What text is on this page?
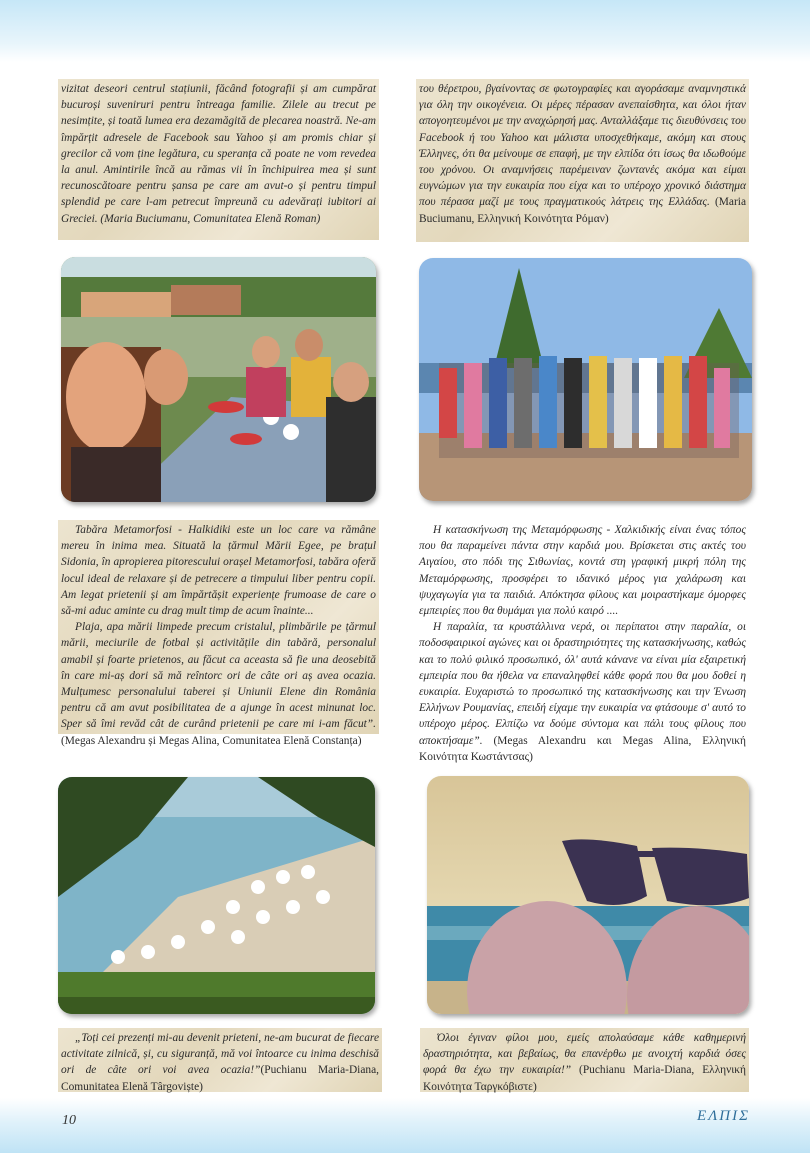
vizitat deseori centrul stațiunii, făcând fotografii și am cumpărat bucuroși suveniruri pentru întreaga familie. Zilele au trecut pe nesimțite, și toată lumea era dezamăgită de plecarea noastră. Ne-am împărțit adresele de Facebook sau Yahoo și am promis chiar și grecilor că vom ține legătura, cu speranța că poate ne vom revedea la anul. Amintirile încă au rămas vii în închipuirea mea și sunt recunoscătoare pentru șansa pe care am avut-o și pentru timpul splendid pe care l-am petrecut împreună cu adevărați iubitori ai Greciei. (Maria Buciumanu, Comunitatea Elenă Roman)

του θέρετρου, βγαίνοντας σε φωτογραφίες και αγοράσαμε αναμνηστικά για όλη την οικογένεια. Οι μέρες πέρασαν ανεπαίσθητα, και όλοι ήταν απογοητευμένοι με την αναχώρησή μας. Ανταλλάξαμε τις διευθύνσεις του Facebook ή του Yahoo και μάλιστα υποσχεθήκαμε, ακόμη και στους Έλληνες, ότι θα μείνουμε σε επαφή, με την ελπίδα ότι ίσως θα ιδωθούμε του χρόνου. Οι αναμνήσεις παρέμειναν ζωντανές ακόμα και είμαι ευγνώμων για την ευκαιρία που είχα και το υπέροχο χρονικό διάστημα που πέρασα μαζί με τους πραγματικούς λάτρεις της Ελλάδας. (Maria Buciumanu, Ελληνική Κοινότητα Ρόμαν)

Tabăra Metamorfosi - Halkidiki este un loc care va rămâne mereu în inima mea. Situată la țărmul Mării Egee, pe brațul Sidonia, în apropierea pitorescului orașel Metamorfosi, tabăra oferă locul ideal de relaxare și de petrecere a timpului liber pentru copii. Am legat prietenii și am împărtășit experiențe frumoase de care o să-mi aduc aminte cu drag mult timp de acum înainte...

Plaja, apa mării limpede precum cristalul, plimbările pe țărmul mării, meciurile de fotbal și activitățile din tabără, personalul amabil și foarte prietenos, au făcut ca aceasta să fie una deosebită în care mi-aș dori să mă reîntorc ori de câte ori aș avea ocazia. Mulțumesc personalului taberei și Uniunii Elene din România pentru că am avut posibilitatea de a ajunge în acest minunat loc. Sper să îmi revăd cât de curând prietenii pe care mi i-am făcut”.(Megas Alexandru și Megas Alina, Comunitatea Elenă Constanța)

Η κατασκήνωση της Μεταμόρφωσης - Χαλκιδικής είναι ένας τόπος που θα παραμείνει πάντα στην καρδιά μου. Βρίσκεται στις ακτές του Αιγαίου, στο πόδι της Σιθωνίας, κοντά στη γραφική μικρή πόλη της Μεταμόρφωσης, προσφέρει το ιδανικό μέρος για χαλάρωση και ψυχαγωγία για τα παιδιά. Απόκτησα φίλους και μοιραστήκαμε όμορφες εμπειρίες που θα θυμάμαι για πολύ καιρό ....

Η παραλία, τα κρυστάλλινα νερά, οι περίπατοι στην παραλία, οι ποδοσφαιρικοί αγώνες και οι δραστηριότητες της κατασκήνωσης, καθώς και το πολύ φιλικό προσωπικό, όλ' αυτά κάνανε να είναι μία εξαιρετική εμπειρία που θα ήθελα να επαναληφθεί κάθε φορά που θα μου δοθεί η ευκαιρία. Ευχαριστώ το προσωπικό της κατασκήνωσης και την Ένωση Ελλήνων Ρουμανίας, επειδή είχαμε την ευκαιρία να φτάσουμε σ' αυτό το υπέροχο μέρος. Ελπίζω να δούμε σύντομα και πάλι τους φίλους που αποκτήσαμε”. (Megas Alexandru και Megas Alina, Ελληνική Κοινότητα Κωστάντσας)

„Toți cei prezenți mi-au devenit prieteni, ne-am bucurat de fiecare activitate zilnică, și, cu siguranță, mă voi întoarce cu inima deschisă ori de câte ori voi avea ocazia!”(Puchianu Maria-Diana, Comunitatea Elenă Târgoviște)

Όλοι έγιναν φίλοι μου, εμείς απολαύσαμε κάθε καθημερινή δραστηριότητα, και βεβαίως, θα επανέρθω με ανοιχτή καρδιά όσες φορά θα έχω την ευκαιρία!” (Puchianu Maria-Diana, Ελληνική Κοινότητα Ταργκόβιστε)

10	ΕΛΠΙΣ
